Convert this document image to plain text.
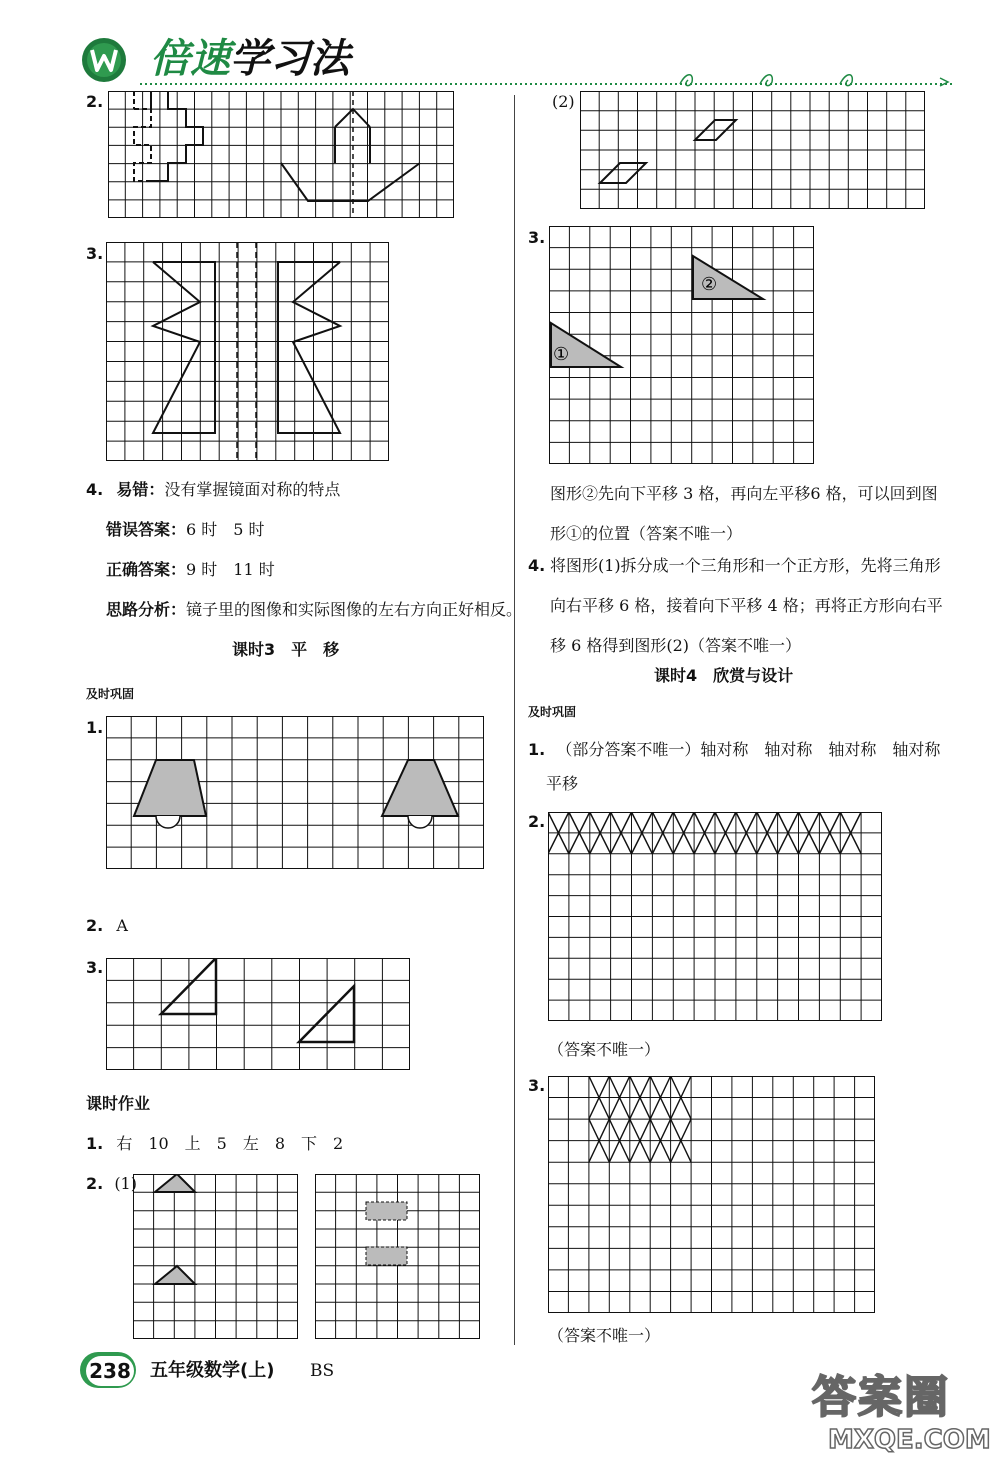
倍速学习法
2.
3.
4. 易错：没有掌握镜面对称的特点
错误答案：6 时　5 时
正确答案：9 时　11 时
思路分析：镜子里的图像和实际图像的左右方向正好相反。
课时3　平　移
及时巩固
1.
2. A
3.
课时作业
1. 右　10　上　5　左　8　下　2
2. (1)
(2)
3.
②
①
图形②先向下平移 3 格，再向左平移6 格，可以回到图形①的位置（答案不唯一）
4. 将图形(1)拆分成一个三角形和一个正方形，先将三角形向右平移 6 格，接着向下平移 4 格；再将正方形向右平移 6 格得到图形(2)（答案不唯一）
课时4　欣赏与设计
及时巩固
1. （部分答案不唯一）轴对称　轴对称　轴对称　轴对称
平移
2.
（答案不唯一）
3.
（答案不唯一）
238 五年级数学(上) BS
答案圈
MXQE.COM
